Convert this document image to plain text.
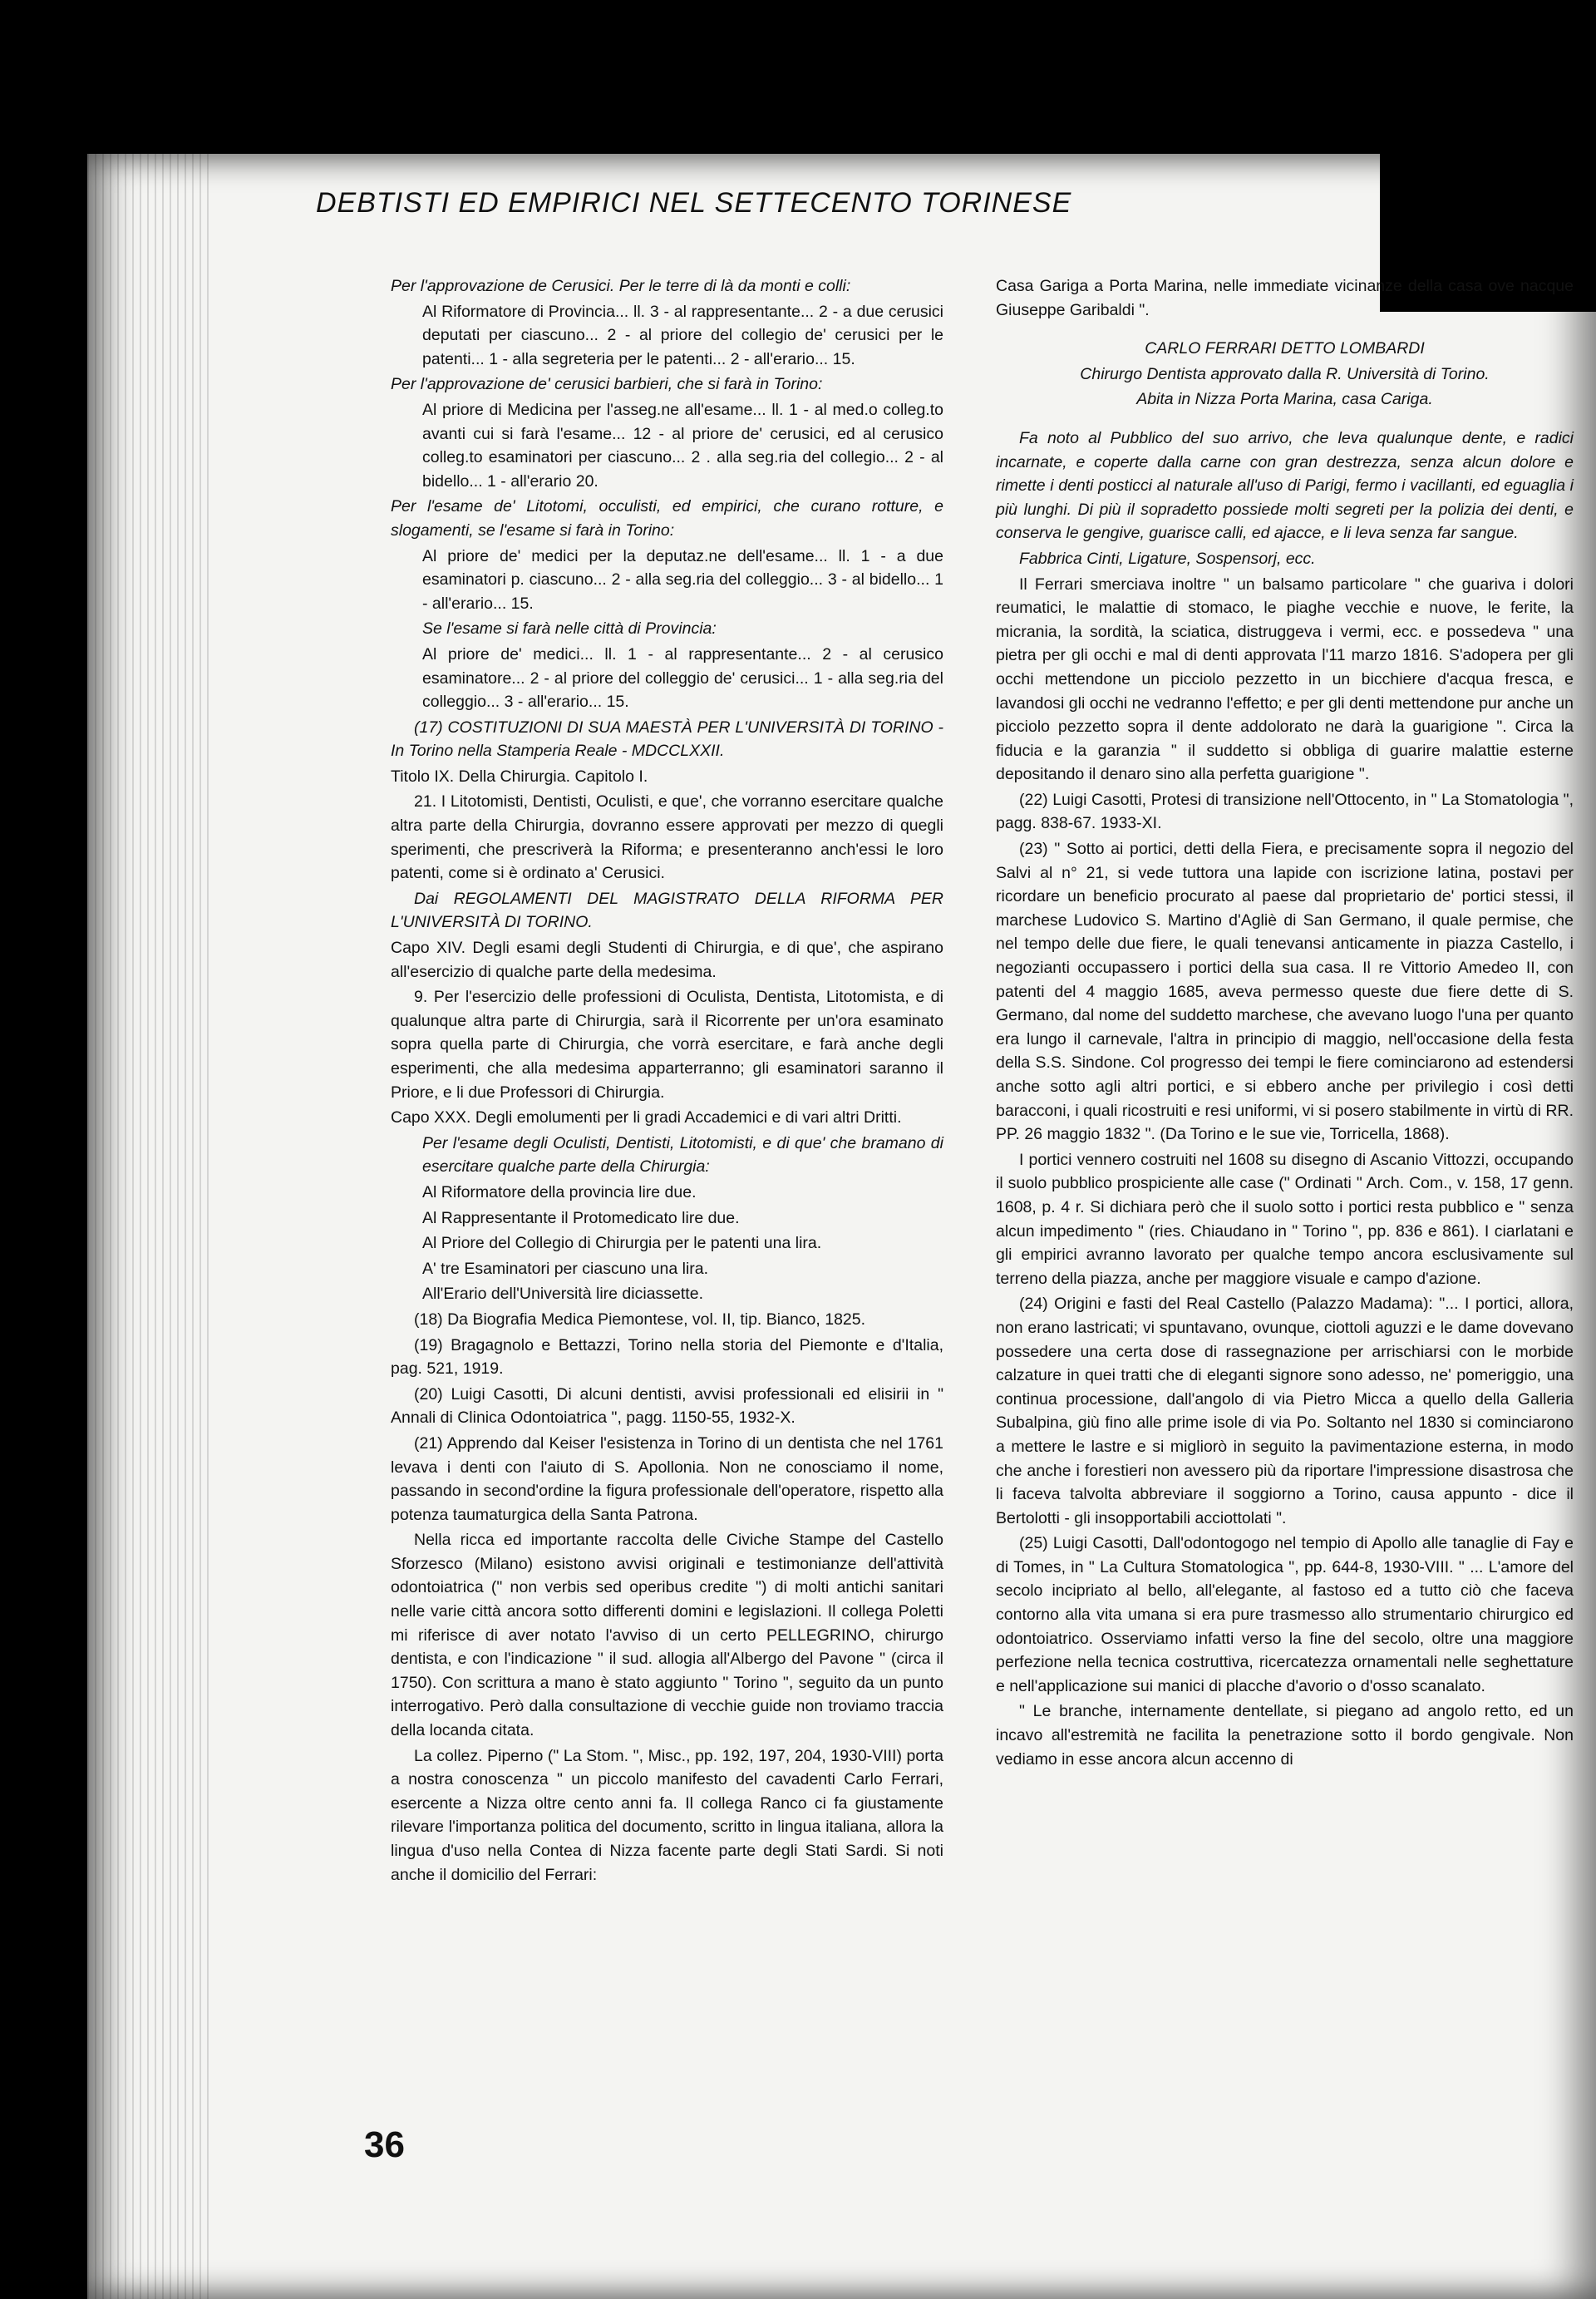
DEBTISTI ED EMPIRICI NEL SETTECENTO TORINESE

Per l'approvazione de Cerusici. Per le terre di là da monti e colli:

Al Riformatore di Provincia... ll. 3 - al rappresentante... 2 - a due cerusici deputati per ciascuno... 2 - al priore del collegio de' cerusici per le patenti... 1 - alla segreteria per le patenti... 2 - all'erario... 15.

Per l'approvazione de' cerusici barbieri, che si farà in Torino:

Al priore di Medicina per l'asseg.ne all'esame... ll. 1 - al med.o colleg.to avanti cui si farà l'esame... 12 - al priore de' cerusici, ed al cerusico colleg.to esaminatori per ciascuno... 2 . alla seg.ria del collegio... 2 - al bidello... 1 - all'erario 20.

Per l'esame de' Litotomi, occulisti, ed empirici, che curano rotture, e slogamenti, se l'esame si farà in Torino:

Al priore de' medici per la deputaz.ne dell'esame... ll. 1 - a due esaminatori p. ciascuno... 2 - alla seg.ria del colleggio... 3 - al bidello... 1 - all'erario... 15.

Se l'esame si farà nelle città di Provincia:

Al priore de' medici... ll. 1 - al rappresentante... 2 - al cerusico esaminatore... 2 - al priore del colleggio de' cerusici... 1 - alla seg.ria del colleggio... 3 - all'erario... 15.

(17) COSTITUZIONI DI SUA MAESTÀ PER L'UNIVERSITÀ DI TORINO - In Torino nella Stamperia Reale - MDCCLXXII.

Titolo IX. Della Chirurgia. Capitolo I.

21. I Litotomisti, Dentisti, Oculisti, e que', che vorranno esercitare qualche altra parte della Chirurgia, dovranno essere approvati per mezzo di quegli sperimenti, che prescriverà la Riforma; e presenteranno anch'essi le loro patenti, come si è ordinato a' Cerusici.

Dai REGOLAMENTI DEL MAGISTRATO DELLA RIFORMA PER L'UNIVERSITÀ DI TORINO.

Capo XIV. Degli esami degli Studenti di Chirurgia, e di que', che aspirano all'esercizio di qualche parte della medesima.

9. Per l'esercizio delle professioni di Oculista, Dentista, Litotomista, e di qualunque altra parte di Chirurgia, sarà il Ricorrente per un'ora esaminato sopra quella parte di Chirurgia, che vorrà esercitare, e farà anche degli esperimenti, che alla medesima apparterranno; gli esaminatori saranno il Priore, e li due Professori di Chirurgia.

Capo XXX. Degli emolumenti per li gradi Accademici e di vari altri Dritti.

Per l'esame degli Oculisti, Dentisti, Litotomisti, e di que' che bramano di esercitare qualche parte della Chirurgia:

Al Riformatore della provincia lire due.

Al Rappresentante il Protomedicato lire due.

Al Priore del Collegio di Chirurgia per le patenti una lira.

A' tre Esaminatori per ciascuno una lira.

All'Erario dell'Università lire diciassette.

(18) Da Biografia Medica Piemontese, vol. II, tip. Bianco, 1825.

(19) Bragagnolo e Bettazzi, Torino nella storia del Piemonte e d'Italia, pag. 521, 1919.

(20) Luigi Casotti, Di alcuni dentisti, avvisi professionali ed elisirii in " Annali di Clinica Odontoiatrica ", pagg. 1150-55, 1932-X.

(21) Apprendo dal Keiser l'esistenza in Torino di un dentista che nel 1761 levava i denti con l'aiuto di S. Apollonia. Non ne conosciamo il nome, passando in second'ordine la figura professionale dell'operatore, rispetto alla potenza taumaturgica della Santa Patrona.

Nella ricca ed importante raccolta delle Civiche Stampe del Castello Sforzesco (Milano) esistono avvisi originali e testimonianze dell'attività odontoiatrica (" non verbis sed operibus credite ") di molti antichi sanitari nelle varie città ancora sotto differenti domini e legislazioni. Il collega Poletti mi riferisce di aver notato l'avviso di un certo PELLEGRINO, chirurgo dentista, e con l'indicazione " il sud. allogia all'Albergo del Pavone " (circa il 1750). Con scrittura a mano è stato aggiunto " Torino ", seguito da un punto interrogativo. Però dalla consultazione di vecchie guide non troviamo traccia della locanda citata.

La collez. Piperno (" La Stom. ", Misc., pp. 192, 197, 204, 1930-VIII) porta a nostra conoscenza " un piccolo manifesto del cavadenti Carlo Ferrari, esercente a Nizza oltre cento anni fa. Il collega Ranco ci fa giustamente rilevare l'importanza politica del documento, scritto in lingua italiana, allora la lingua d'uso nella Contea di Nizza facente parte degli Stati Sardi. Si noti anche il domicilio del Ferrari:

Casa Gariga a Porta Marina, nelle immediate vicinanze della casa ove nacque Giuseppe Garibaldi ".

CARLO FERRARI DETTO LOMBARDI

Chirurgo Dentista approvato dalla R. Università di Torino.

Abita in Nizza Porta Marina, casa Cariga.

Fa noto al Pubblico del suo arrivo, che leva qualunque dente, e radici incarnate, e coperte dalla carne con gran destrezza, senza alcun dolore e rimette i denti posticci al naturale all'uso di Parigi, fermo i vacillanti, ed eguaglia i più lunghi. Di più il sopradetto possiede molti segreti per la polizia dei denti, e conserva le gengive, guarisce calli, ed ajacce, e li leva senza far sangue.

Fabbrica Cinti, Ligature, Sospensorj, ecc.

Il Ferrari smerciava inoltre " un balsamo particolare " che guariva i dolori reumatici, le malattie di stomaco, le piaghe vecchie e nuove, le ferite, la micrania, la sordità, la sciatica, distruggeva i vermi, ecc. e possedeva " una pietra per gli occhi e mal di denti approvata l'11 marzo 1816. S'adopera per gli occhi mettendone un picciolo pezzetto in un bicchiere d'acqua fresca, e lavandosi gli occhi ne vedranno l'effetto; e per gli denti mettendone pur anche un picciolo pezzetto sopra il dente addolorato ne darà la guarigione ". Circa la fiducia e la garanzia " il suddetto si obbliga di guarire malattie esterne depositando il denaro sino alla perfetta guarigione ".

(22) Luigi Casotti, Protesi di transizione nell'Ottocento, in " La Stomatologia ", pagg. 838-67. 1933-XI.

(23) " Sotto ai portici, detti della Fiera, e precisamente sopra il negozio del Salvi al n° 21, si vede tuttora una lapide con iscrizione latina, postavi per ricordare un beneficio procurato al paese dal proprietario de' portici stessi, il marchese Ludovico S. Martino d'Agliè di San Germano, il quale permise, che nel tempo delle due fiere, le quali tenevansi anticamente in piazza Castello, i negozianti occupassero i portici della sua casa. Il re Vittorio Amedeo II, con patenti del 4 maggio 1685, aveva permesso queste due fiere dette di S. Germano, dal nome del suddetto marchese, che avevano luogo l'una per quanto era lungo il carnevale, l'altra in principio di maggio, nell'occasione della festa della S.S. Sindone. Col progresso dei tempi le fiere cominciarono ad estendersi anche sotto agli altri portici, e si ebbero anche per privilegio i così detti baracconi, i quali ricostruiti e resi uniformi, vi si posero stabilmente in virtù di RR. PP. 26 maggio 1832 ". (Da Torino e le sue vie, Torricella, 1868).

I portici vennero costruiti nel 1608 su disegno di Ascanio Vittozzi, occupando il suolo pubblico prospiciente alle case (" Ordinati " Arch. Com., v. 158, 17 genn. 1608, p. 4 r. Si dichiara però che il suolo sotto i portici resta pubblico e " senza alcun impedimento " (ries. Chiaudano in " Torino ", pp. 836 e 861). I ciarlatani e gli empirici avranno lavorato per qualche tempo ancora esclusivamente sul terreno della piazza, anche per maggiore visuale e campo d'azione.

(24) Origini e fasti del Real Castello (Palazzo Madama): "... I portici, allora, non erano lastricati; vi spuntavano, ovunque, ciottoli aguzzi e le dame dovevano possedere una certa dose di rassegnazione per arrischiarsi con le morbide calzature in quei tratti che di eleganti signore sono adesso, ne' pomeriggio, una continua processione, dall'angolo di via Pietro Micca a quello della Galleria Subalpina, giù fino alle prime isole di via Po. Soltanto nel 1830 si cominciarono a mettere le lastre e si migliorò in seguito la pavimentazione esterna, in modo che anche i forestieri non avessero più da riportare l'impressione disastrosa che li faceva talvolta abbreviare il soggiorno a Torino, causa appunto - dice il Bertolotti - gli insopportabili acciottolati ".

(25) Luigi Casotti, Dall'odontogogo nel tempio di Apollo alle tanaglie di Fay e di Tomes, in " La Cultura Stomatologica ", pp. 644-8, 1930-VIII. " ... L'amore del secolo incipriato al bello, all'elegante, al fastoso ed a tutto ciò che faceva contorno alla vita umana si era pure trasmesso allo strumentario chirurgico ed odontoiatrico. Osserviamo infatti verso la fine del secolo, oltre una maggiore perfezione nella tecnica costruttiva, ricercatezza ornamentali nelle seghettature e nell'applicazione sui manici di placche d'avorio o d'osso scanalato.

" Le branche, internamente dentellate, si piegano ad angolo retto, ed un incavo all'estremità ne facilita la penetrazione sotto il bordo gengivale. Non vediamo in esse ancora alcun accenno di

36
